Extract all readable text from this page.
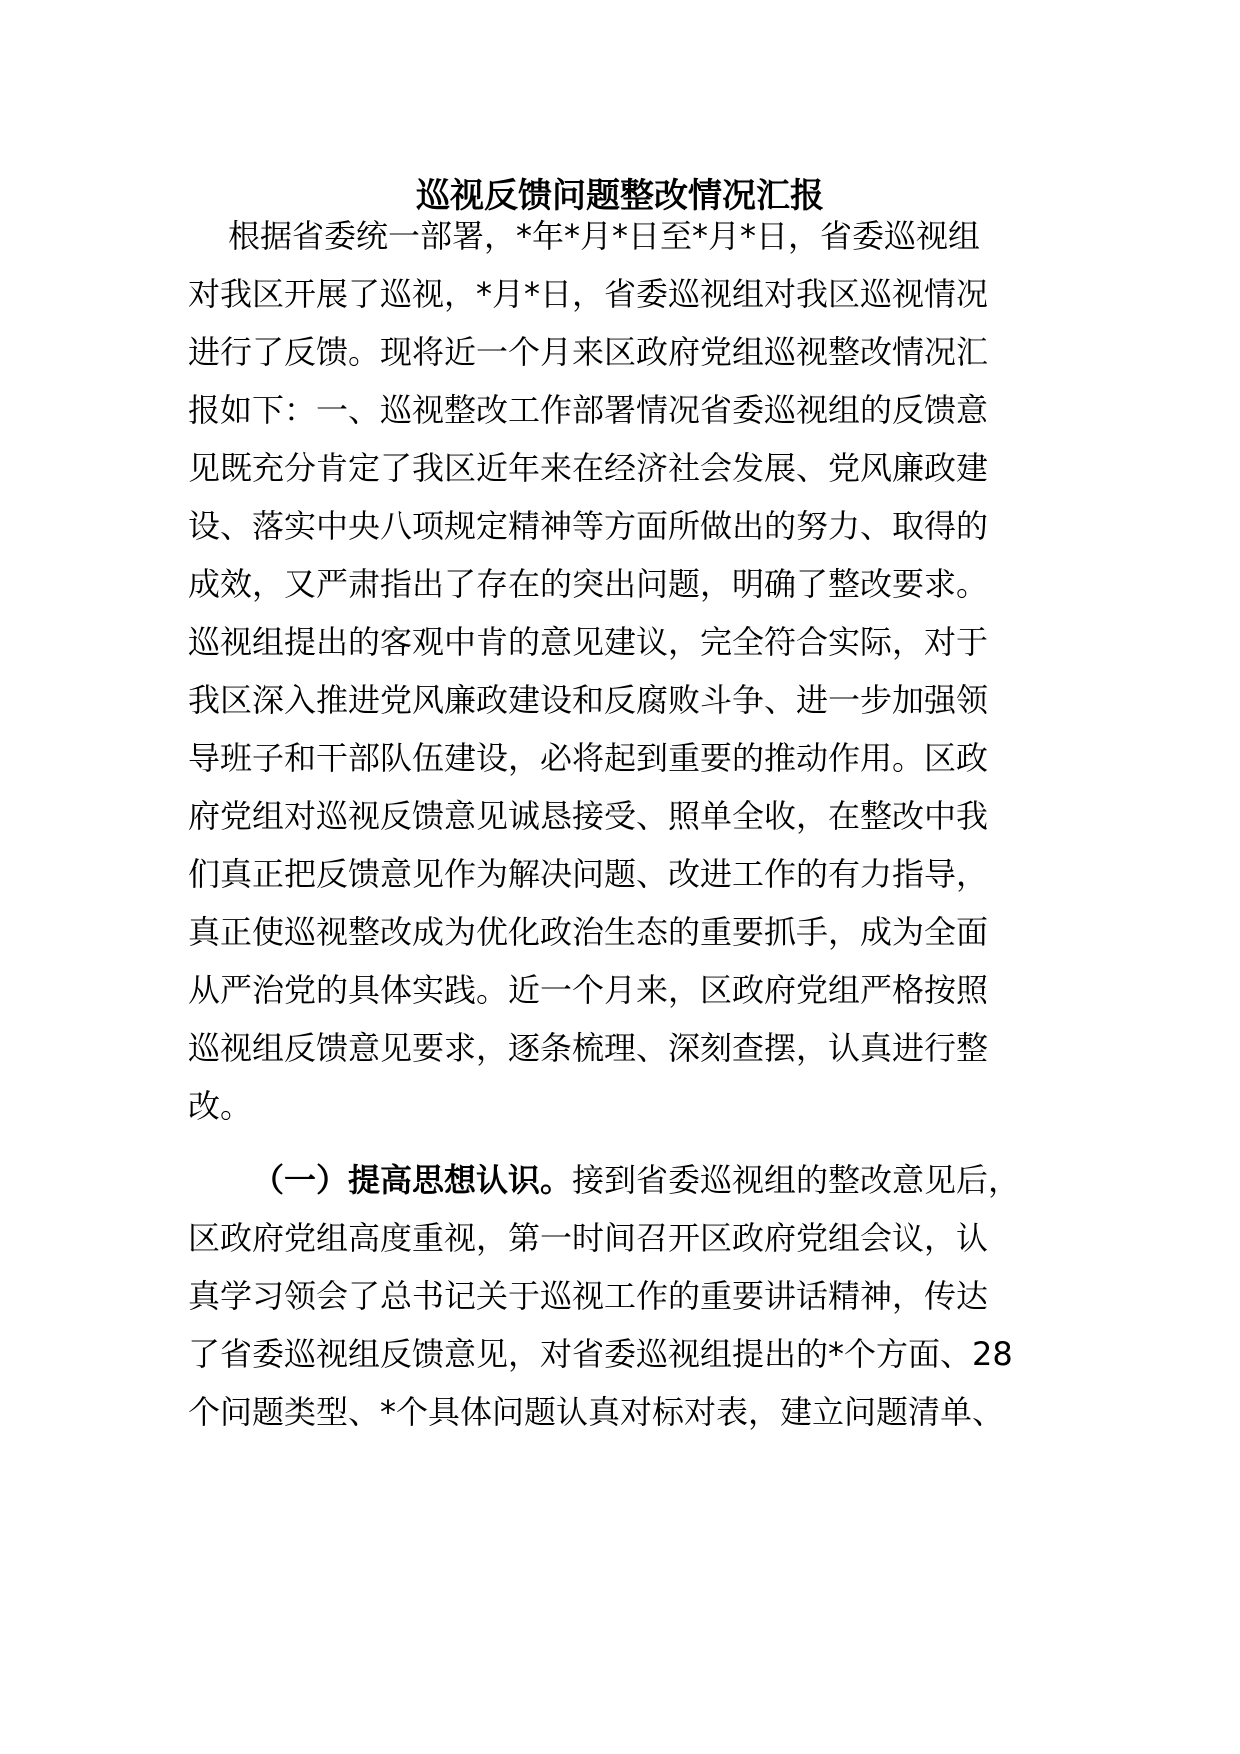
巡视反馈问题整改情况汇报

根据省委统一部署，*年*月*日至*月*日，省委巡视组

对我区开展了巡视，*月*日，省委巡视组对我区巡视情况

进行了反馈。现将近一个月来区政府党组巡视整改情况汇

报如下：一、巡视整改工作部署情况省委巡视组的反馈意

见既充分肯定了我区近年来在经济社会发展、党风廉政建

设、落实中央八项规定精神等方面所做出的努力、取得的

成效，又严肃指出了存在的突出问题，明确了整改要求。

巡视组提出的客观中肯的意见建议，完全符合实际，对于

我区深入推进党风廉政建设和反腐败斗争、进一步加强领

导班子和干部队伍建设，必将起到重要的推动作用。区政

府党组对巡视反馈意见诚恳接受、照单全收，在整改中我

们真正把反馈意见作为解决问题、改进工作的有力指导，

真正使巡视整改成为优化政治生态的重要抓手，成为全面

从严治党的具体实践。近一个月来，区政府党组严格按照

巡视组反馈意见要求，逐条梳理、深刻查摆，认真进行整

改。

（一）提高思想认识。接到省委巡视组的整改意见后，

区政府党组高度重视，第一时间召开区政府党组会议，认

真学习领会了总书记关于巡视工作的重要讲话精神，传达

了省委巡视组反馈意见，对省委巡视组提出的*个方面、28

个问题类型、*个具体问题认真对标对表，建立问题清单、
